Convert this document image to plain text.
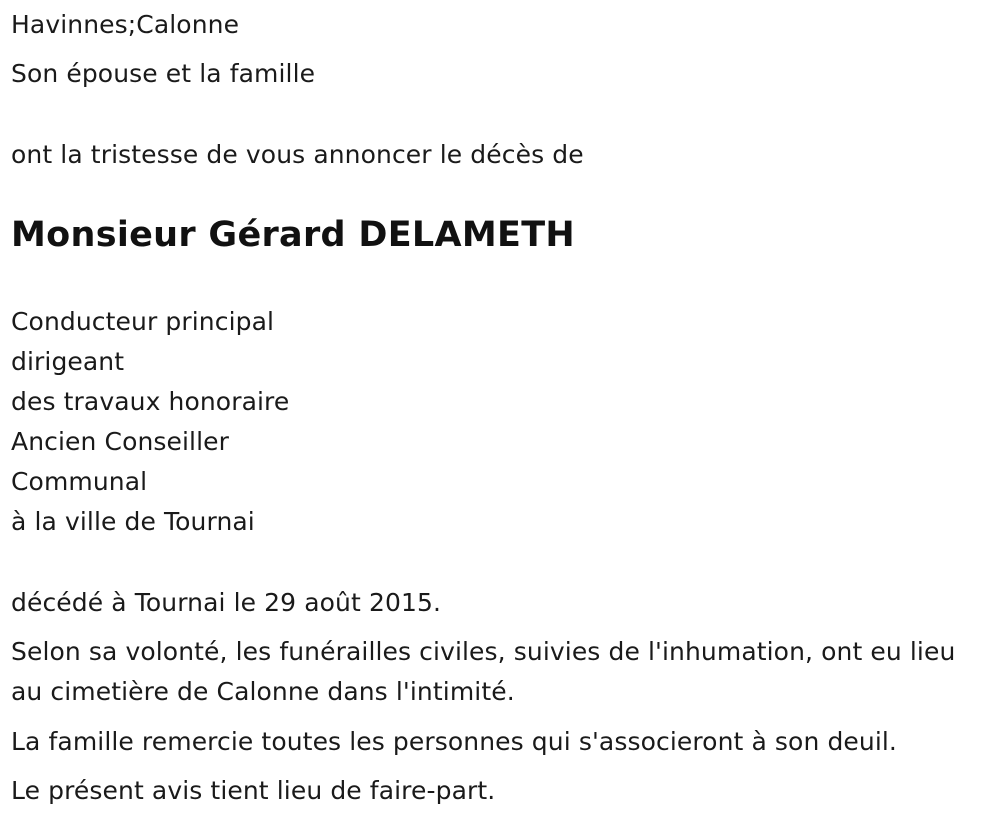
Havinnes;Calonne
Son épouse et la famille
ont la tristesse de vous annoncer le décès de
Monsieur Gérard DELAMETH
Conducteur principal
dirigeant
des travaux honoraire
Ancien Conseiller
Communal
à la ville de Tournai
décédé à Tournai le 29 août 2015.
Selon sa volonté, les funérailles civiles, suivies de l'inhumation, ont eu lieu
au cimetière de Calonne dans l'intimité.
La famille remercie toutes les personnes qui s'associeront à son deuil.
Le présent avis tient lieu de faire-part.
